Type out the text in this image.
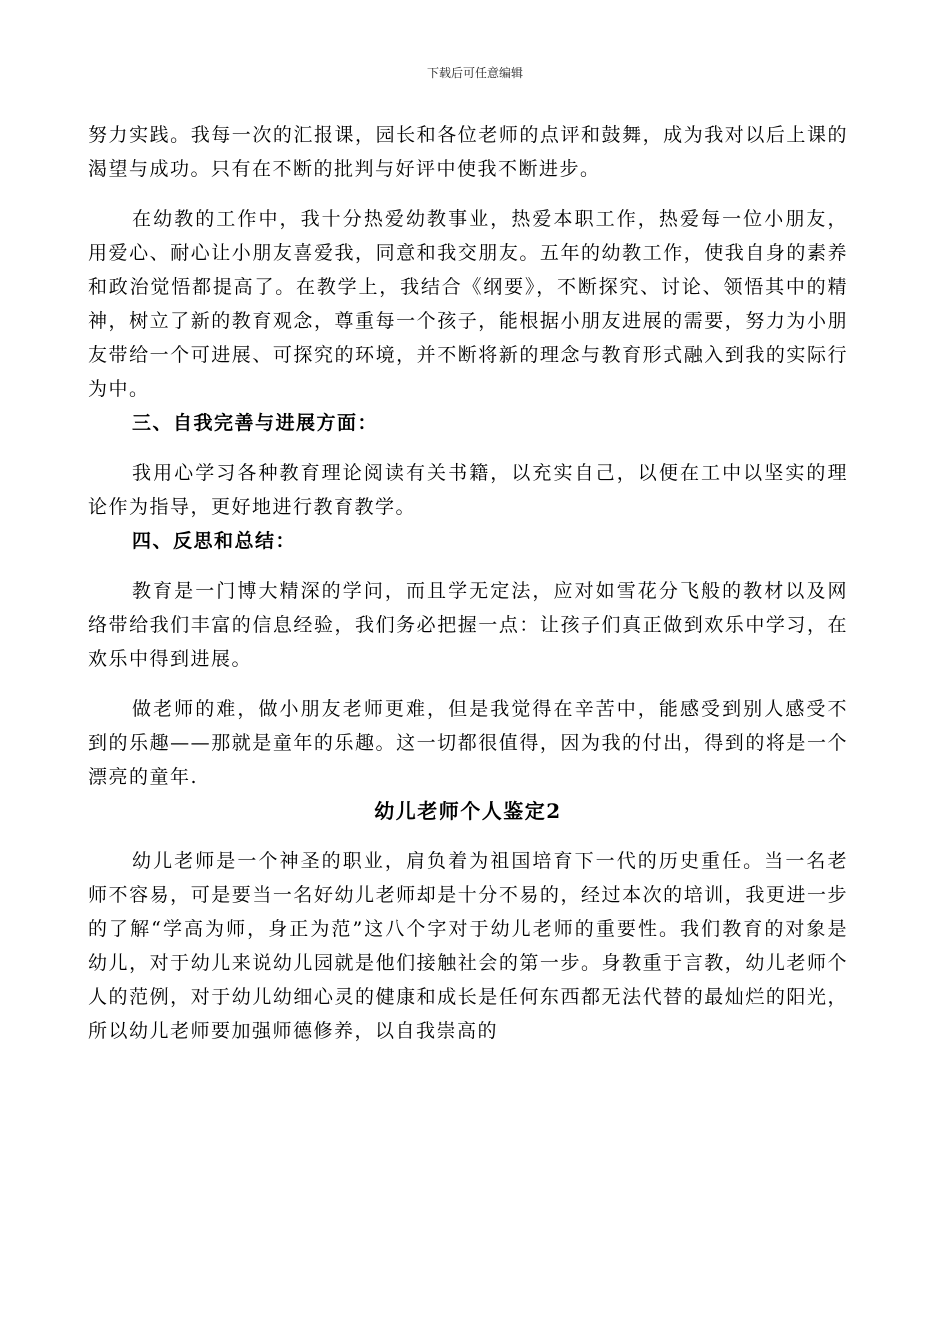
下载后可任意编辑

努力实践。我每一次的汇报课，园长和各位老师的点评和鼓舞，成为我对以后上课的渴望与成功。只有在不断的批判与好评中使我不断进步。

在幼教的工作中，我十分热爱幼教事业，热爱本职工作，热爱每一位小朋友，用爱心、耐心让小朋友喜爱我，同意和我交朋友。五年的幼教工作，使我自身的素养和政治觉悟都提高了。在教学上，我结合《纲要》，不断探究、讨论、领悟其中的精神，树立了新的教育观念，尊重每一个孩子，能根据小朋友进展的需要，努力为小朋友带给一个可进展、可探究的环境，并不断将新的理念与教育形式融入到我的实际行为中。

三、自我完善与进展方面：

我用心学习各种教育理论阅读有关书籍，以充实自己，以便在工中以坚实的理论作为指导，更好地进行教育教学。

四、反思和总结：

教育是一门博大精深的学问，而且学无定法，应对如雪花分飞般的教材以及网络带给我们丰富的信息经验，我们务必把握一点：让孩子们真正做到欢乐中学习，在欢乐中得到进展。

做老师的难，做小朋友老师更难，但是我觉得在辛苦中，能感受到别人感受不到的乐趣——那就是童年的乐趣。这一切都很值得，因为我的付出，得到的将是一个漂亮的童年.

幼儿老师个人鉴定2

幼儿老师是一个神圣的职业，肩负着为祖国培育下一代的历史重任。当一名老师不容易，可是要当一名好幼儿老师却是十分不易的，经过本次的培训，我更进一步的了解“学高为师，身正为范”这八个字对于幼儿老师的重要性。我们教育的对象是幼儿，对于幼儿来说幼儿园就是他们接触社会的第一步。身教重于言教，幼儿老师个人的范例，对于幼儿幼细心灵的健康和成长是任何东西都无法代替的最灿烂的阳光，所以幼儿老师要加强师德修养，以自我崇高的
